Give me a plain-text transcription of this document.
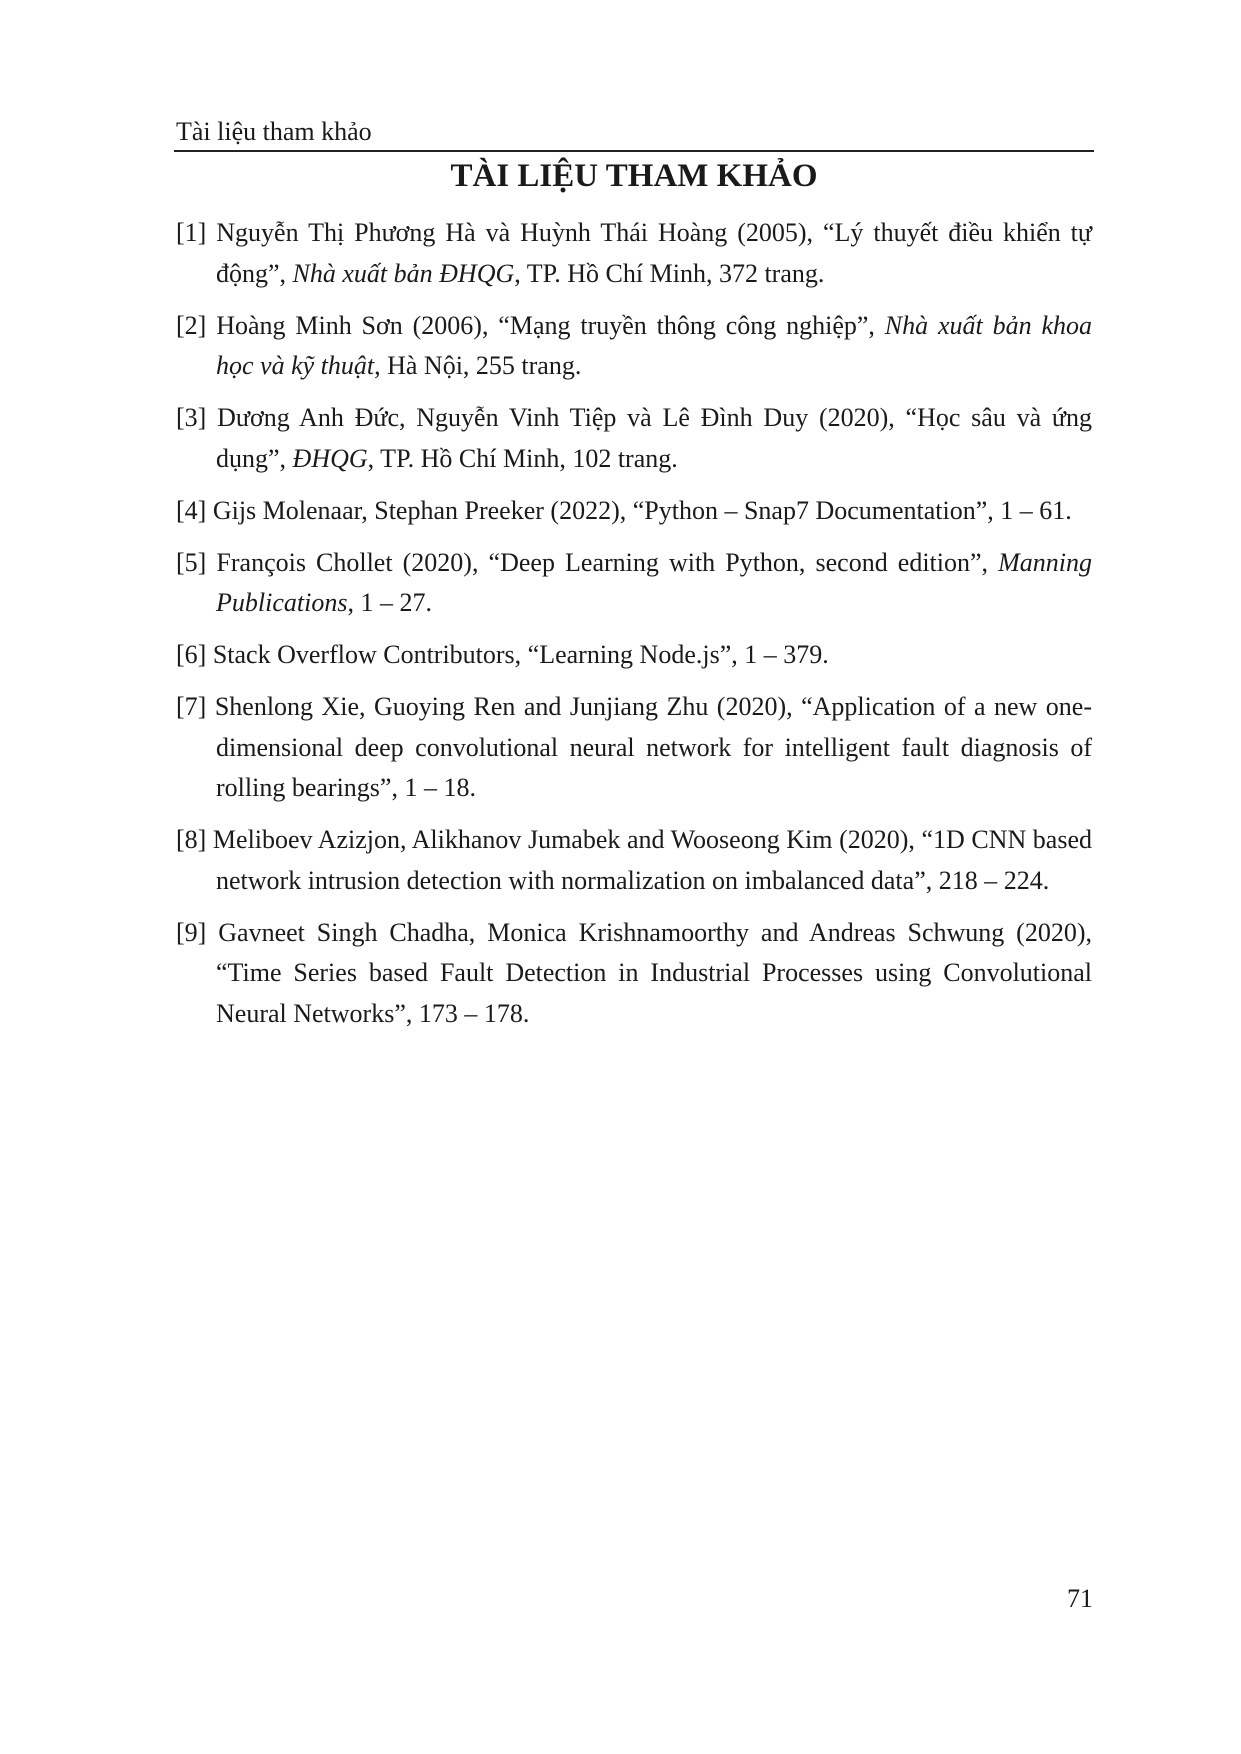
Tài liệu tham khảo
TÀI LIỆU THAM KHẢO
[1] Nguyễn Thị Phương Hà và Huỳnh Thái Hoàng (2005), “Lý thuyết điều khiển tự động”, Nhà xuất bản ĐHQG, TP. Hồ Chí Minh, 372 trang.
[2] Hoàng Minh Sơn (2006), “Mạng truyền thông công nghiệp”, Nhà xuất bản khoa học và kỹ thuật, Hà Nội, 255 trang.
[3] Dương Anh Đức, Nguyễn Vinh Tiệp và Lê Đình Duy (2020), “Học sâu và ứng dụng”, ĐHQG, TP. Hồ Chí Minh, 102 trang.
[4] Gijs Molenaar, Stephan Preeker (2022), “Python – Snap7 Documentation”, 1 – 61.
[5] François Chollet (2020), “Deep Learning with Python, second edition”, Manning Publications, 1 – 27.
[6] Stack Overflow Contributors, “Learning Node.js”, 1 – 379.
[7] Shenlong Xie, Guoying Ren and Junjiang Zhu (2020), “Application of a new one-dimensional deep convolutional neural network for intelligent fault diagnosis of rolling bearings”, 1 – 18.
[8] Meliboev Azizjon, Alikhanov Jumabek and Wooseong Kim (2020), “1D CNN based network intrusion detection with normalization on imbalanced data”, 218 – 224.
[9] Gavneet Singh Chadha, Monica Krishnamoorthy and Andreas Schwung (2020), “Time Series based Fault Detection in Industrial Processes using Convolutional Neural Networks”, 173 – 178.
71
